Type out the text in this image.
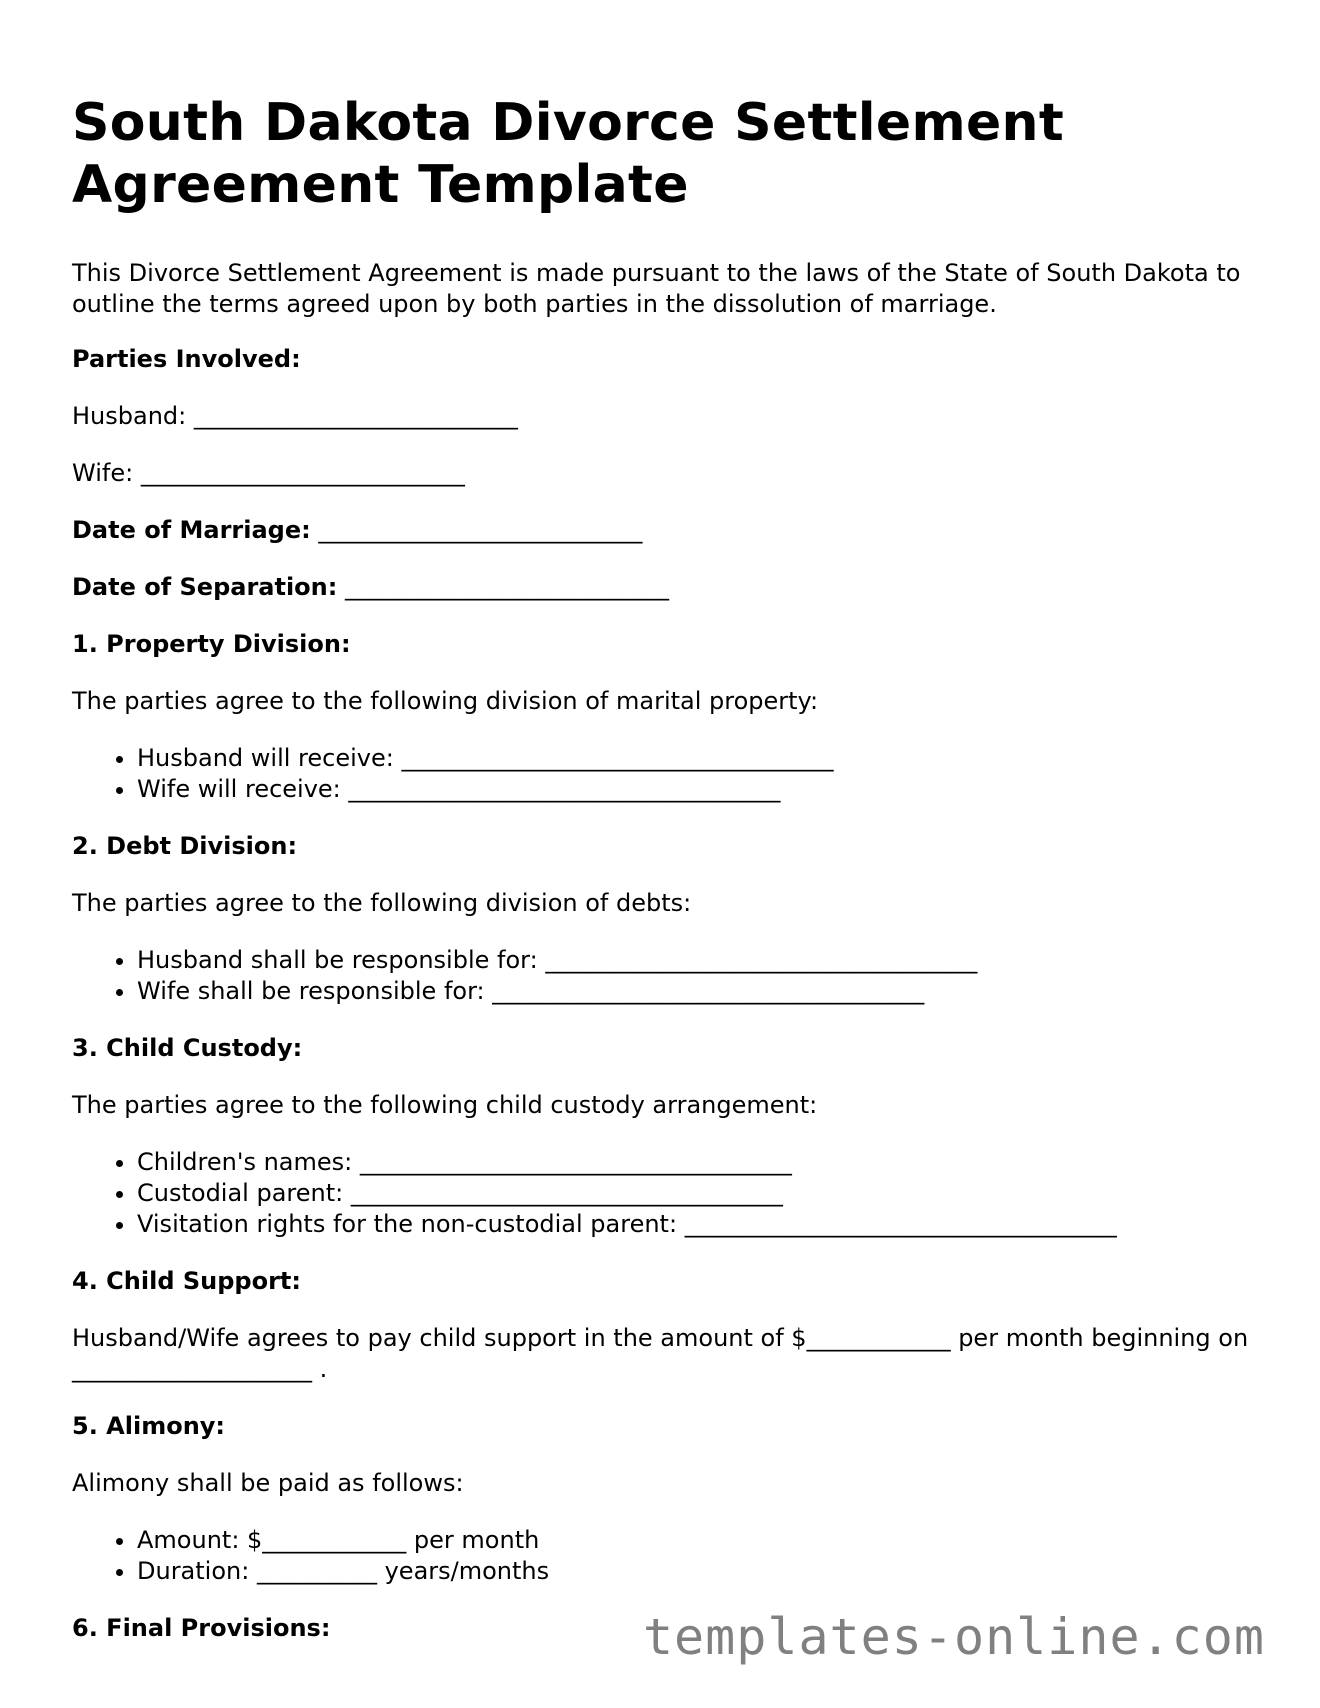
South Dakota Divorce Settlement Agreement Template

This Divorce Settlement Agreement is made pursuant to the laws of the State of South Dakota to outline the terms agreed upon by both parties in the dissolution of marriage.

Parties Involved:

Husband: ___________________________

Wife: ___________________________

Date of Marriage: ___________________________

Date of Separation: ___________________________

1. Property Division:

The parties agree to the following division of marital property:

• Husband will receive: ____________________________________
• Wife will receive: ____________________________________

2. Debt Division:

The parties agree to the following division of debts:

• Husband shall be responsible for: ____________________________________
• Wife shall be responsible for: ____________________________________

3. Child Custody:

The parties agree to the following child custody arrangement:

• Children's names: ____________________________________
• Custodial parent: ____________________________________
• Visitation rights for the non-custodial parent: ____________________________________

4. Child Support:

Husband/Wife agrees to pay child support in the amount of $____________ per month beginning on ____________________ .

5. Alimony:

Alimony shall be paid as follows:

• Amount: $____________ per month
• Duration: __________ years/months

6. Final Provisions:	templates-online.com
